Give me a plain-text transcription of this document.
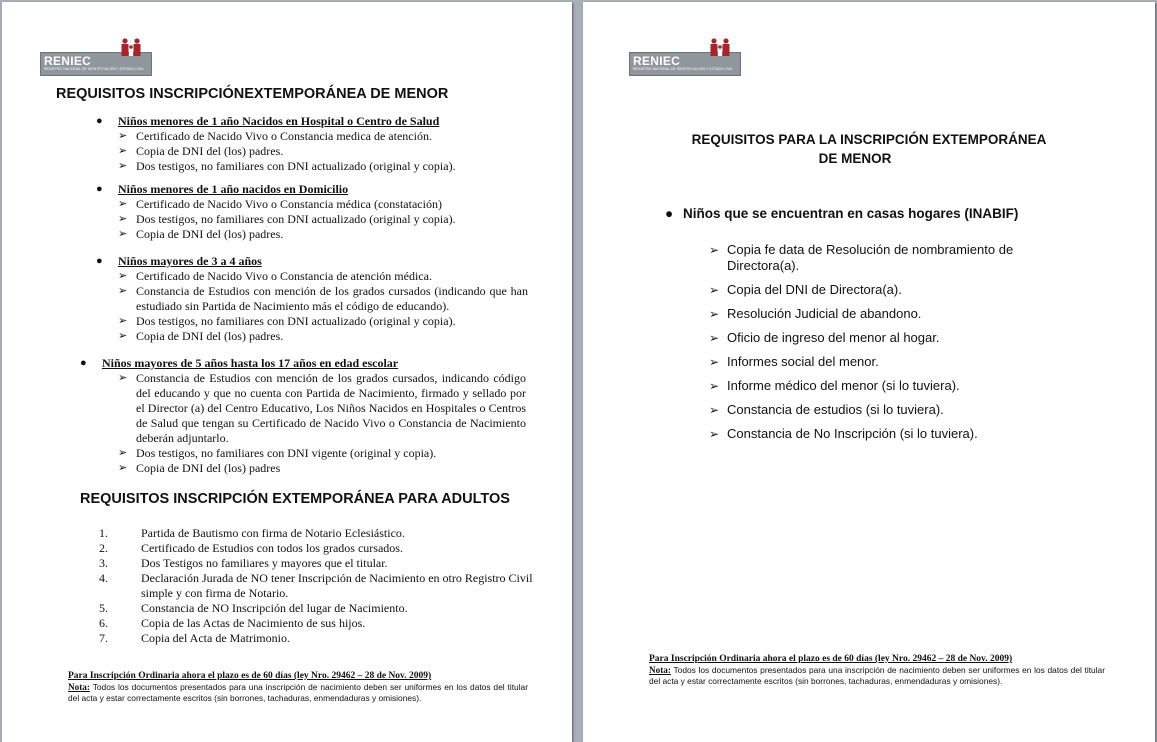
RENIEC
REGISTRO NACIONAL DE IDENTIFICACIÓN Y ESTADO CIVIL
REQUISITOS INSCRIPCIÓNEXTEMPORÁNEA DE MENOR
● Niños menores de 1 año Nacidos en Hospital o Centro de Salud
➢ Certificado de Nacido Vivo o Constancia medica de atención.
➢ Copia de DNI del (los) padres.
➢ Dos testigos, no familiares con DNI actualizado (original y copia).
● Niños menores de 1 año nacidos en Domicilio
➢ Certificado de Nacido Vivo o Constancia médica (constatación)
➢ Dos testigos, no familiares con DNI actualizado (original y copia).
➢ Copia de DNI del (los) padres.
● Niños mayores de 3 a 4 años
➢ Certificado de Nacido Vivo o Constancia de atención médica.
➢ Constancia de Estudios con mención de los grados cursados (indicando que han estudiado sin Partida de Nacimiento más el código de educando).
➢ Dos testigos, no familiares con DNI actualizado (original y copia).
➢ Copia de DNI del (los) padres.
● Niños mayores de 5 años hasta los 17 años en edad escolar
➢ Constancia de Estudios con mención de los grados cursados, indicando código del educando y que no cuenta con Partida de Nacimiento, firmado y sellado por el Director (a) del Centro Educativo, Los Niños Nacidos en Hospitales o Centros de Salud que tengan su Certificado de Nacido Vivo o Constancia de Nacimiento deberán adjuntarlo.
➢ Dos testigos, no familiares con DNI vigente (original y copia).
➢ Copia de DNI del (los) padres
REQUISITOS INSCRIPCIÓN EXTEMPORÁNEA PARA ADULTOS
1.	Partida de Bautismo con firma de Notario Eclesiástico.
2.	Certificado de Estudios con todos los grados cursados.
3.	Dos Testigos no familiares y mayores que el titular.
4.	Declaración Jurada de NO tener Inscripción de Nacimiento en otro Registro Civil simple y con firma de Notario.
5.	Constancia de NO Inscripción del lugar de Nacimiento.
6.	Copia de las Actas de Nacimiento de sus hijos.
7.	Copia del Acta de Matrimonio.
Para Inscripción Ordinaria ahora el plazo es de 60 días (ley Nro. 29462 – 28 de Nov. 2009)
Nota: Todos los documentos presentados para una inscripción de nacimiento deben ser uniformes en los datos del titular del acta y estar correctamente escritos (sin borrones, tachaduras, enmendaduras y omisiones).
RENIEC
REGISTRO NACIONAL DE IDENTIFICACIÓN Y ESTADO CIVIL
REQUISITOS PARA LA INSCRIPCIÓN EXTEMPORÁNEA
DE MENOR
● Niños que se encuentran en casas hogares (INABIF)
➢ Copia fe data de Resolución de nombramiento de Directora(a).
➢ Copia del DNI de Directora(a).
➢ Resolución Judicial de abandono.
➢ Oficio de ingreso del menor al hogar.
➢ Informes social del menor.
➢ Informe médico del menor (si lo tuviera).
➢ Constancia de estudios (si lo tuviera).
➢ Constancia de No Inscripción (si lo tuviera).
Para Inscripción Ordinaria ahora el plazo es de 60 días (ley Nro. 29462 – 28 de Nov. 2009)
Nota: Todos los documentos presentados para una inscripción de nacimiento deben ser uniformes en los datos del titular del acta y estar correctamente escritos (sin borrones, tachaduras, enmendaduras y omisiones).
